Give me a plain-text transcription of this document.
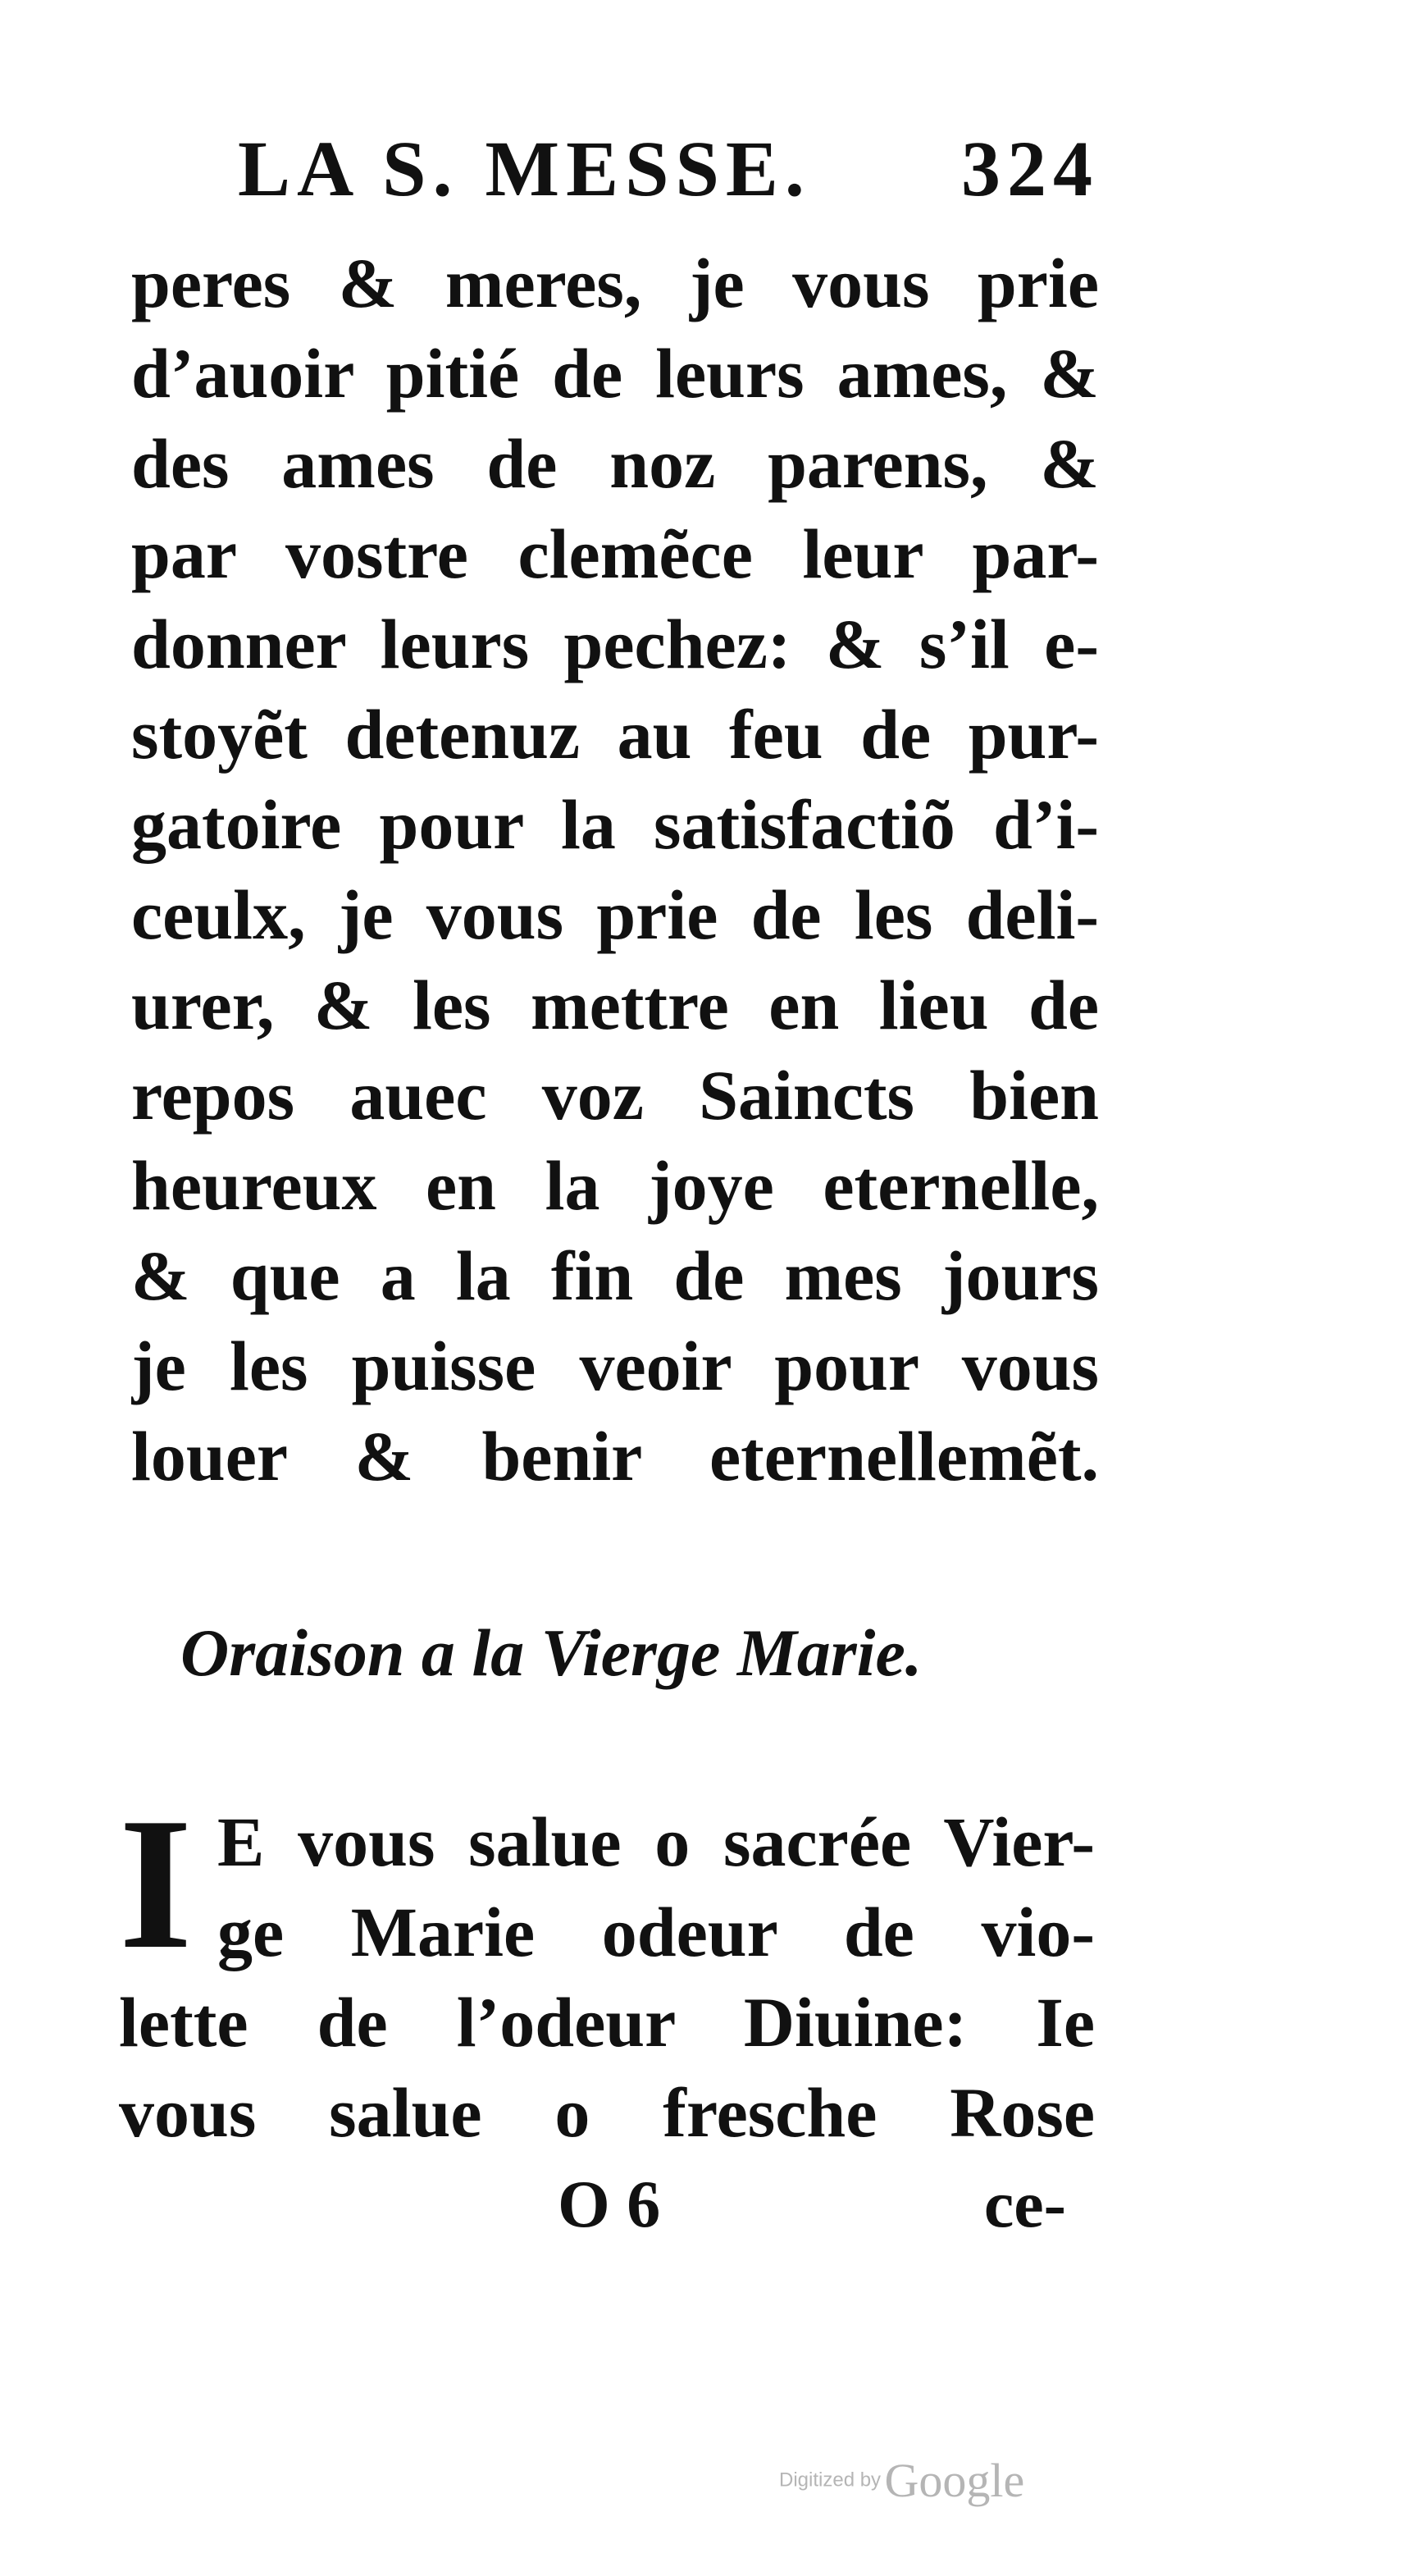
LA S. MESSE. 324
peres & meres, je vous prie
d’auoir pitié de leurs ames, &
des ames de noz parens, &
par vostre clemẽce leur par-
donner leurs pechez: & s’il e-
stoyẽt detenuz au feu de pur-
gatoire pour la satisfactiõ d’i-
ceulx, je vous prie de les deli-
urer, & les mettre en lieu de
repos auec voz Saincts bien
heureux en la joye eternelle,
& que a la fin de mes jours
je les puisse veoir pour vous
louer & benir eternellemẽt.
Oraison a la Vierge Marie.
I E vous salue o sacrée Vier-
ge Marie odeur de vio-
lette de l’odeur Diuine: Ie
vous salue o fresche Rose
O 6	ce-
Digitized by Google
